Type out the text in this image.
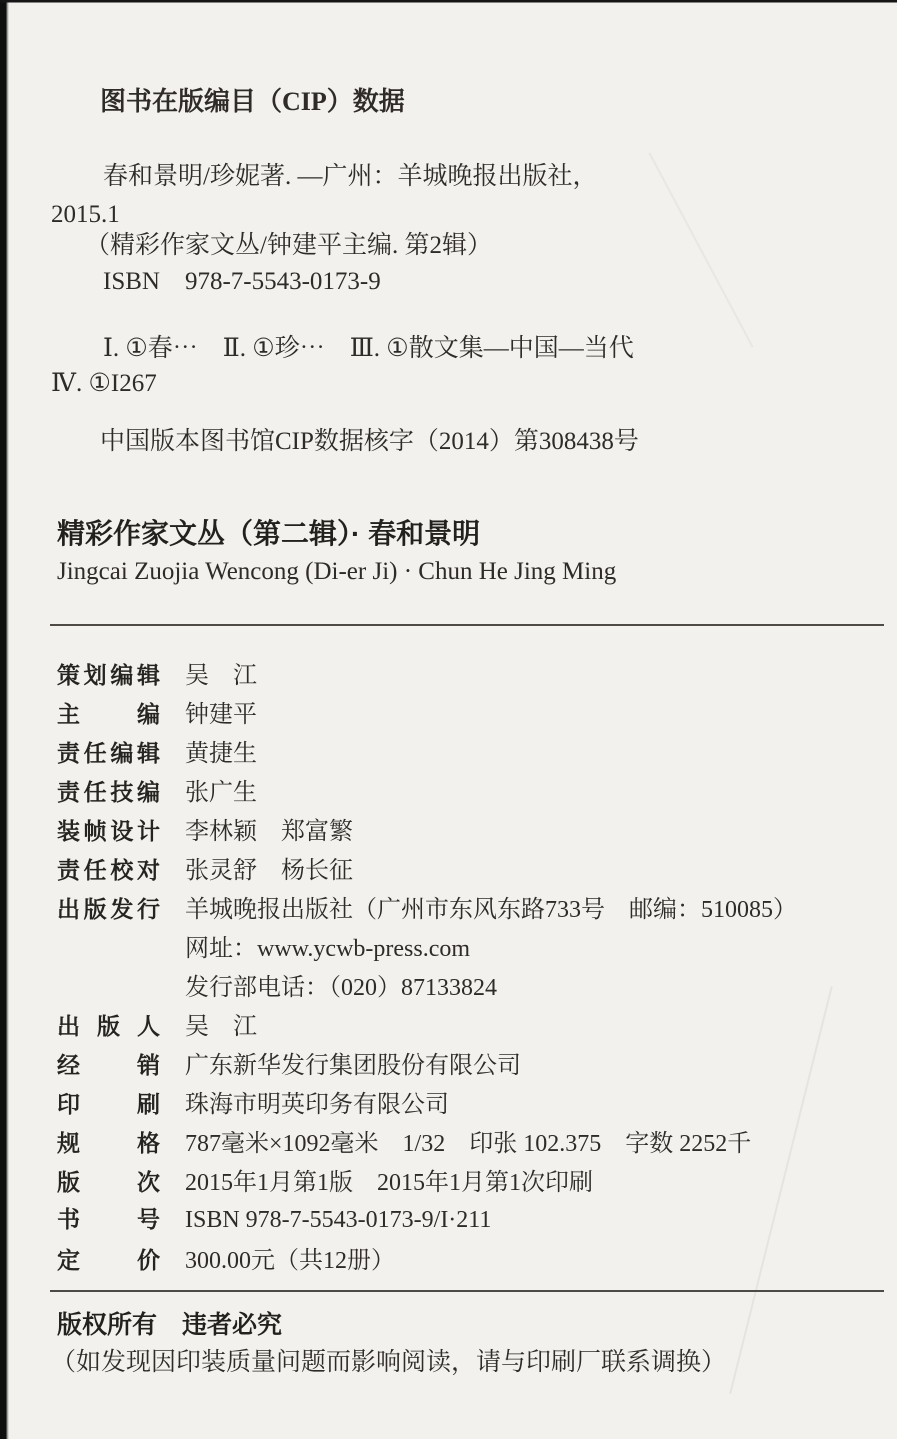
图书在版编目（CIP）数据
春和景明/珍妮著. —广州：羊城晚报出版社，
2015.1
（精彩作家文丛/钟建平主编. 第2辑）
ISBN　978-7-5543-0173-9
Ⅰ. ①春⋯　Ⅱ. ①珍⋯　Ⅲ. ①散文集—中国—当代
Ⅳ. ①I267
中国版本图书馆CIP数据核字（2014）第308438号
精彩作家文丛（第二辑）· 春和景明
Jingcai Zuojia Wencong (Di-er Ji) · Chun He Jing Ming
策划编辑 吴　江
主编 钟建平
责任编辑 黄捷生
责任技编 张广生
装帧设计 李林颖　郑富繁
责任校对 张灵舒　杨长征
出版发行 羊城晚报出版社（广州市东风东路733号　邮编：510085）
网址：www.ycwb-press.com
发行部电话：（020）87133824
出版人 吴　江
经销 广东新华发行集团股份有限公司
印刷 珠海市明英印务有限公司
规格 787毫米×1092毫米　1/32　印张 102.375　字数 2252千
版次 2015年1月第1版　2015年1月第1次印刷
书号 ISBN 978-7-5543-0173-9/I·211
定价 300.00元（共12册）
版权所有　违者必究
（如发现因印装质量问题而影响阅读，请与印刷厂联系调换）
